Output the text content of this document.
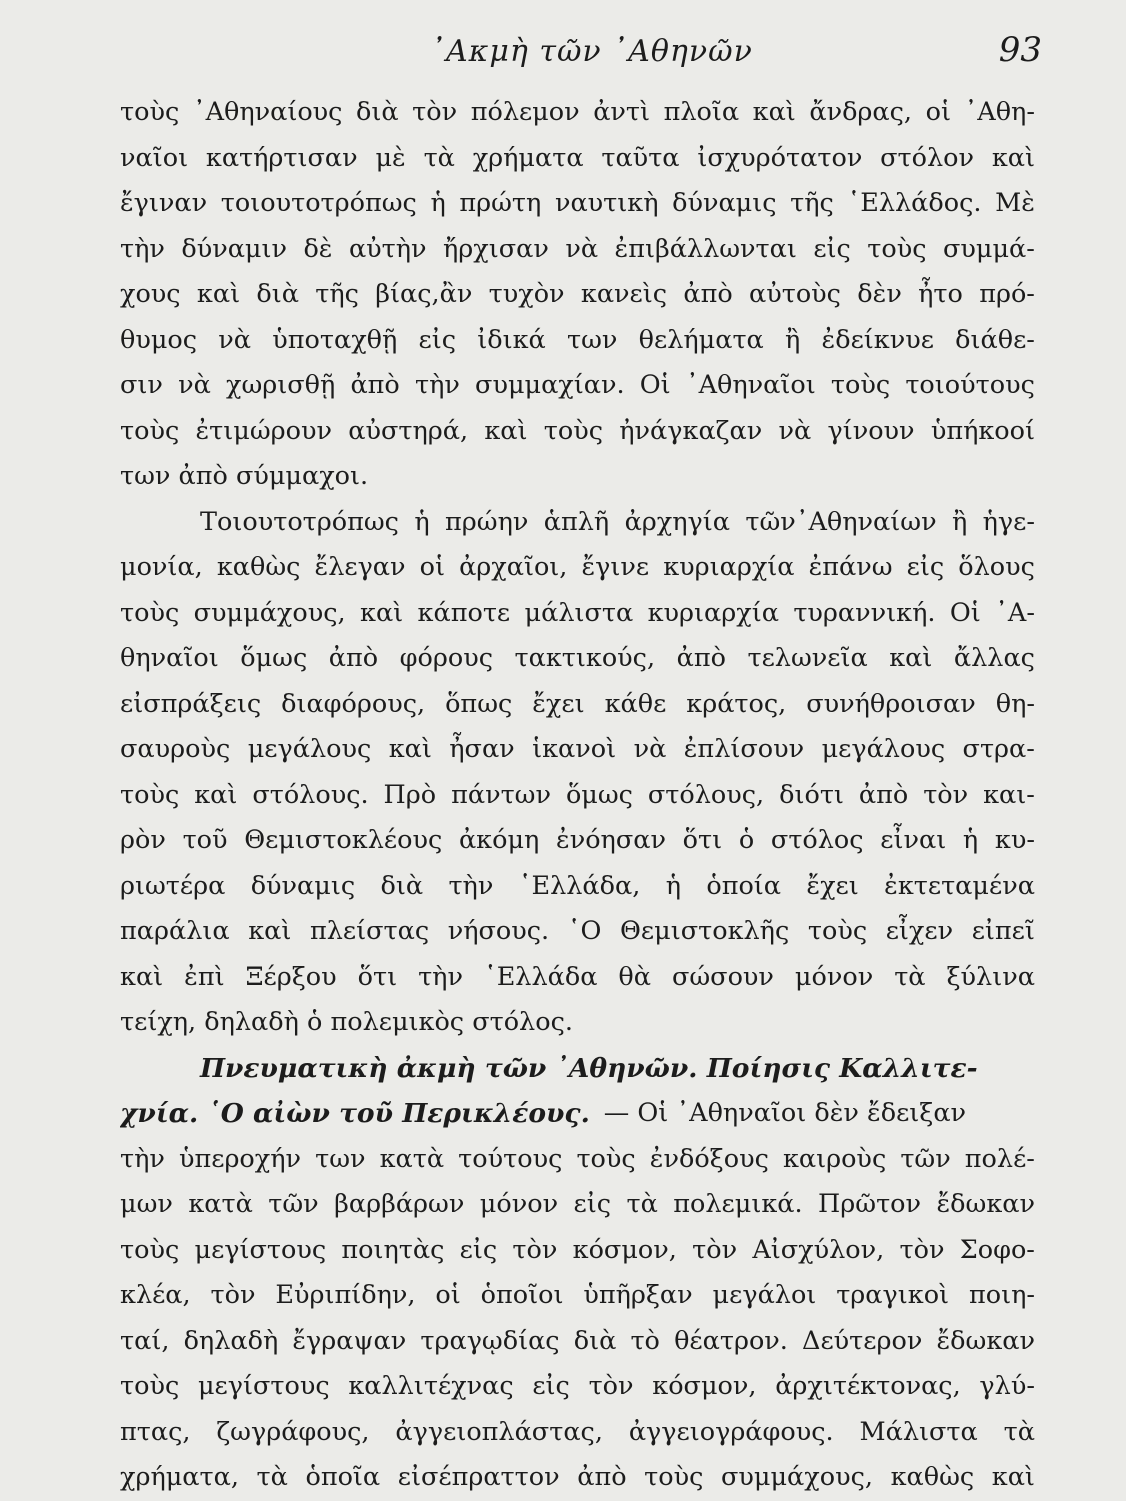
᾽Ακμὴ τῶν ᾽Αθηνῶν	93
τοὺς ᾽Αθηναίους διὰ τὸν πόλεμον ἀντὶ πλοῖα καὶ ἄνδρας, οἱ ᾽Αθη-
ναῖοι κατήρτισαν μὲ τὰ χρήματα ταῦτα ἰσχυρότατον στόλον καὶ
ἔγιναν τοιουτοτρόπως ἡ πρώτη ναυτικὴ δύναμις τῆς ῾Ελλάδος. Μὲ
τὴν δύναμιν δὲ αὐτὴν ἤρχισαν νὰ ἐπιβάλλωνται εἰς τοὺς συμμά-
χους καὶ διὰ τῆς βίας,ἂν τυχὸν κανεὶς ἀπὸ αὐτοὺς δὲν ἦτο πρό-
θυμος νὰ ὑποταχθῇ εἰς ἰδικά των θελήματα ἢ ἐδείκνυε διάθε-
σιν νὰ χωρισθῇ ἀπὸ τὴν συμμαχίαν. Οἱ ᾽Αθηναῖοι τοὺς τοιούτους
τοὺς ἐτιμώρουν αὐστηρά, καὶ τοὺς ἠνάγκαζαν νὰ γίνουν ὑπήκοοί
των ἀπὸ σύμμαχοι.
Τοιουτοτρόπως ἡ πρώην ἁπλῆ ἀρχηγία τῶν᾽Αθηναίων ἢ ἡγε-
μονία, καθὼς ἔλεγαν οἱ ἀρχαῖοι, ἔγινε κυριαρχία ἐπάνω εἰς ὅλους
τοὺς συμμάχους, καὶ κάποτε μάλιστα κυριαρχία τυραννική. Οἱ ᾽Α-
θηναῖοι ὅμως ἀπὸ φόρους τακτικούς, ἀπὸ τελωνεῖα καὶ ἄλλας
εἰσπράξεις διαφόρους, ὅπως ἔχει κάθε κράτος, συνήθροισαν θη-
σαυροὺς μεγάλους καὶ ἦσαν ἱκανοὶ νὰ ἐπλίσουν μεγάλους στρα-
τοὺς καὶ στόλους. Πρὸ πάντων ὅμως στόλους, διότι ἀπὸ τὸν και-
ρὸν τοῦ Θεμιστοκλέους ἀκόμη ἐνόησαν ὅτι ὁ στόλος εἶναι ἡ κυ-
ριωτέρα δύναμις διὰ τὴν ῾Ελλάδα, ἡ ὁποία ἔχει ἐκτεταμένα
παράλια καὶ πλείστας νήσους. ῾Ο Θεμιστοκλῆς τοὺς εἶχεν εἰπεῖ
καὶ ἐπὶ Ξέρξου ὅτι τὴν ῾Ελλάδα θὰ σώσουν μόνον τὰ ξύλινα
τείχη, δηλαδὴ ὁ πολεμικὸς στόλος.
Πνευματικὴ ἀκμὴ τῶν ᾽Αθηνῶν. Ποίησις Καλλιτε-
χνία. ῾Ο αἰὼν τοῦ Περικλέους. — Οἱ ᾽Αθηναῖοι δὲν ἔδειξαν
τὴν ὑπεροχήν των κατὰ τούτους τοὺς ἐνδόξους καιροὺς τῶν πολέ-
μων κατὰ τῶν βαρβάρων μόνον εἰς τὰ πολεμικά. Πρῶτον ἔδωκαν
τοὺς μεγίστους ποιητὰς εἰς τὸν κόσμον, τὸν Αἰσχύλον, τὸν Σοφο-
κλέα, τὸν Εὐριπίδην, οἱ ὁποῖοι ὑπῆρξαν μεγάλοι τραγικοὶ ποιη-
ταί, δηλαδὴ ἔγραψαν τραγῳδίας διὰ τὸ θέατρον. Δεύτερον ἔδωκαν
τοὺς μεγίστους καλλιτέχνας εἰς τὸν κόσμον, ἀρχιτέκτονας, γλύ-
πτας, ζωγράφους, ἀγγειοπλάστας, ἀγγειογράφους. Μάλιστα τὰ
χρήματα, τὰ ὁποῖα εἰσέπραττον ἀπὸ τοὺς συμμάχους, καθὼς καὶ
